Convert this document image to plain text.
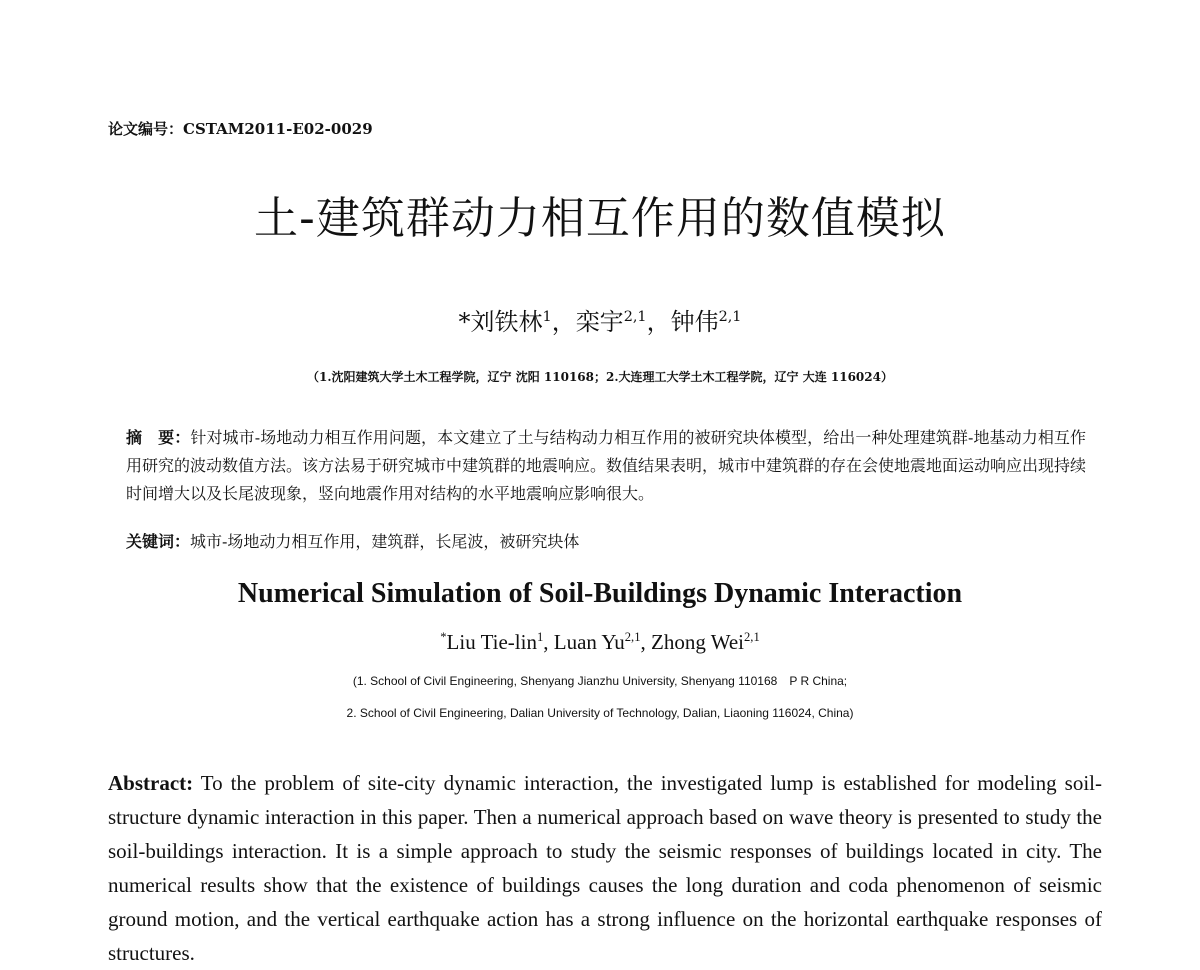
论文编号：CSTAM2011-E02-0029
土-建筑群动力相互作用的数值模拟
*刘铁林$^1$，栾宇$^{2,1}$，钟伟$^{2,1}$
（1.沈阳建筑大学土木工程学院，辽宁 沈阳 110168；2.大连理工大学土木工程学院，辽宁 大连 116024）
摘　要：针对城市-场地动力相互作用问题，本文建立了土与结构动力相互作用的被研究块体模型，给出一种处理建筑群-地基动力相互作用研究的波动数值方法。该方法易于研究城市中建筑群的地震响应。数值结果表明，城市中建筑群的存在会使地震地面运动响应出现持续时间增大以及长尾波现象，竖向地震作用对结构的水平地震响应影响很大。
关键词：城市-场地动力相互作用，建筑群，长尾波，被研究块体
Numerical Simulation of Soil-Buildings Dynamic Interaction
*Liu Tie-lin$^1$, Luan Yu$^{2,1}$, Zhong Wei$^{2,1}$
(1. School of Civil Engineering, Shenyang Jianzhu University, Shenyang 110168　P R China;
2. School of Civil Engineering, Dalian University of Technology, Dalian, Liaoning 116024, China)
Abstract: To the problem of site-city dynamic interaction, the investigated lump is established for modeling soil-structure dynamic interaction in this paper. Then a numerical approach based on wave theory is presented to study the soil-buildings interaction. It is a simple approach to study the seismic responses of buildings located in city. The numerical results show that the existence of buildings causes the long duration and coda phenomenon of seismic ground motion, and the vertical earthquake action has a strong influence on the horizontal earthquake responses of structures.
